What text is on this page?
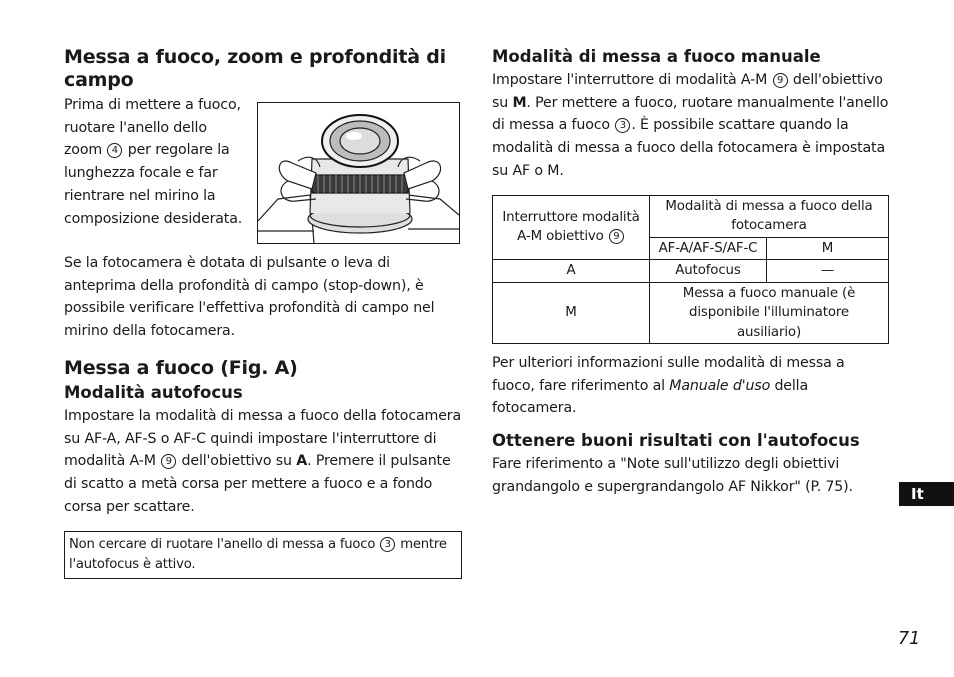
Messa a fuoco, zoom e profondità di campo

Prima di mettere a fuoco, ruotare l'anello dello zoom 4 per regolare la lunghezza focale e far rientrare nel mirino la composizione desiderata.

Se la fotocamera è dotata di pulsante o leva di anteprima della profondità di campo (stop-down), è possibile verificare l'effettiva profondità di campo nel mirino della fotocamera.

Messa a fuoco (Fig. A)
Modalità autofocus

Impostare la modalità di messa a fuoco della fotocamera su AF-A, AF-S o AF-C quindi impostare l'interruttore di modalità A-M 9 dell'obiettivo su A. Premere il pulsante di scatto a metà corsa per mettere a fuoco e a fondo corsa per scattare.

Non cercare di ruotare l'anello di messa a fuoco 3 mentre l'autofocus è attivo.
Modalità di messa a fuoco manuale

Impostare l'interruttore di modalità A-M 9 dell'obiettivo su M. Per mettere a fuoco, ruotare manualmente l'anello di messa a fuoco 3 . È possibile scattare quando la modalità di messa a fuoco della fotocamera è impostata su AF o M.

Interruttore modalità A-M obiettivo 9	Modalità di messa a fuoco della fotocamera	
	AF-A/AF-S/AF-C	M
A	Autofocus	—
M	Messa a fuoco manuale (è disponibile l'illuminatore ausiliario)	

Per ulteriori informazioni sulle modalità di messa a fuoco, fare riferimento al Manuale d'uso della fotocamera.

Ottenere buoni risultati con l'autofocus

Fare riferimento a "Note sull'utilizzo degli obiettivi grandangolo e supergrandangolo AF Nikkor" (P. 75).	It
71
